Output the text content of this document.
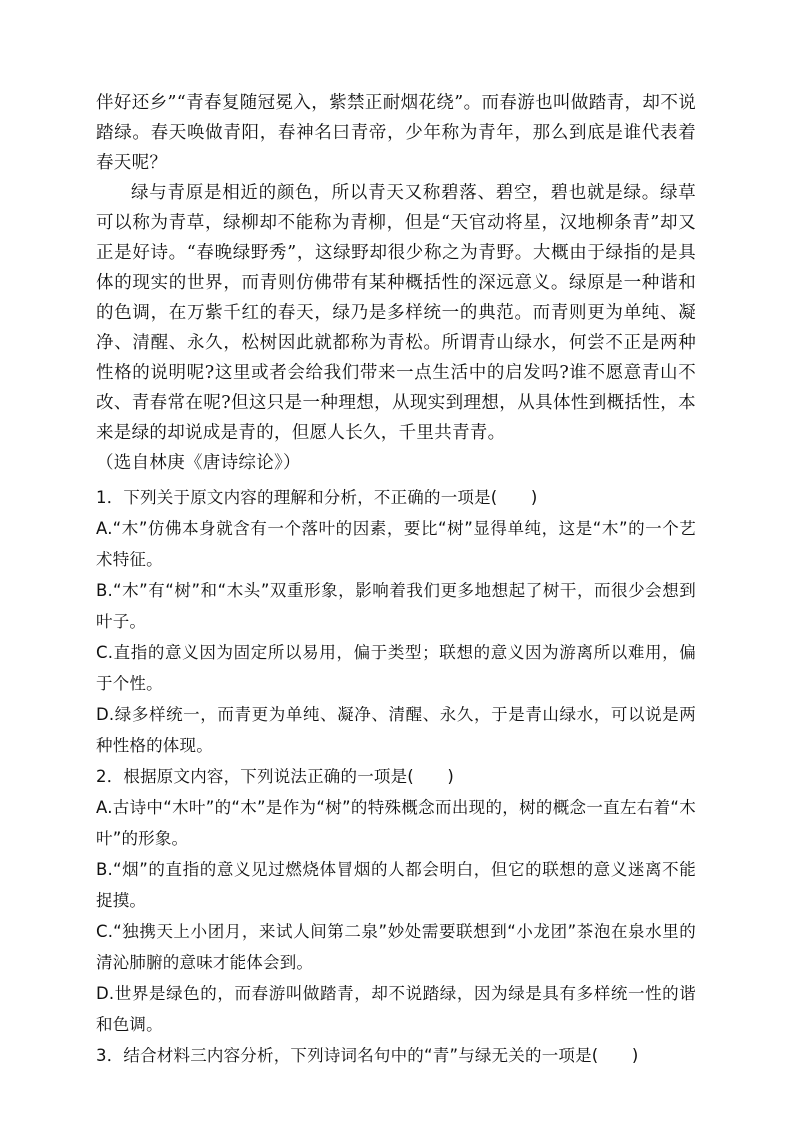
伴好还乡”“青春复随冠冕入，紫禁正耐烟花绕”。而春游也叫做踏青，却不说踏绿。春天唤做青阳，春神名曰青帝，少年称为青年，那么到底是谁代表着春天呢？

绿与青原是相近的颜色，所以青天又称碧落、碧空，碧也就是绿。绿草可以称为青草，绿柳却不能称为青柳，但是“天官动将星，汉地柳条青”却又正是好诗。“春晚绿野秀”，这绿野却很少称之为青野。大概由于绿指的是具体的现实的世界，而青则仿佛带有某种概括性的深远意义。绿原是一种谐和的色调，在万紫千红的春天，绿乃是多样统一的典范。而青则更为单纯、凝净、清醒、永久，松树因此就都称为青松。所谓青山绿水，何尝不正是两种性格的说明呢?这里或者会给我们带来一点生活中的启发吗?谁不愿意青山不改、青春常在呢?但这只是一种理想，从现实到理想，从具体性到概括性，本来是绿的却说成是青的，但愿人长久，千里共青青。

（选自林庚《唐诗综论》）

1．下列关于原文内容的理解和分析，不正确的一项是(　　)

A.“木”仿佛本身就含有一个落叶的因素，要比“树”显得单纯，这是“木”的一个艺术特征。

B.“木”有“树”和“木头”双重形象，影响着我们更多地想起了树干，而很少会想到叶子。

C.直指的意义因为固定所以易用，偏于类型；联想的意义因为游离所以难用，偏于个性。

D.绿多样统一，而青更为单纯、凝净、清醒、永久，于是青山绿水，可以说是两种性格的体现。

2．根据原文内容，下列说法正确的一项是(　　)

A.古诗中“木叶”的“木”是作为“树”的特殊概念而出现的，树的概念一直左右着“木叶”的形象。

B.“烟”的直指的意义见过燃烧体冒烟的人都会明白，但它的联想的意义迷离不能捉摸。

C.“独携天上小团月，来试人间第二泉”妙处需要联想到“小龙团”茶泡在泉水里的清沁肺腑的意味才能体会到。

D.世界是绿色的，而春游叫做踏青，却不说踏绿，因为绿是具有多样统一性的谐和色调。

3．结合材料三内容分析，下列诗词名句中的“青”与绿无关的一项是(　　)
